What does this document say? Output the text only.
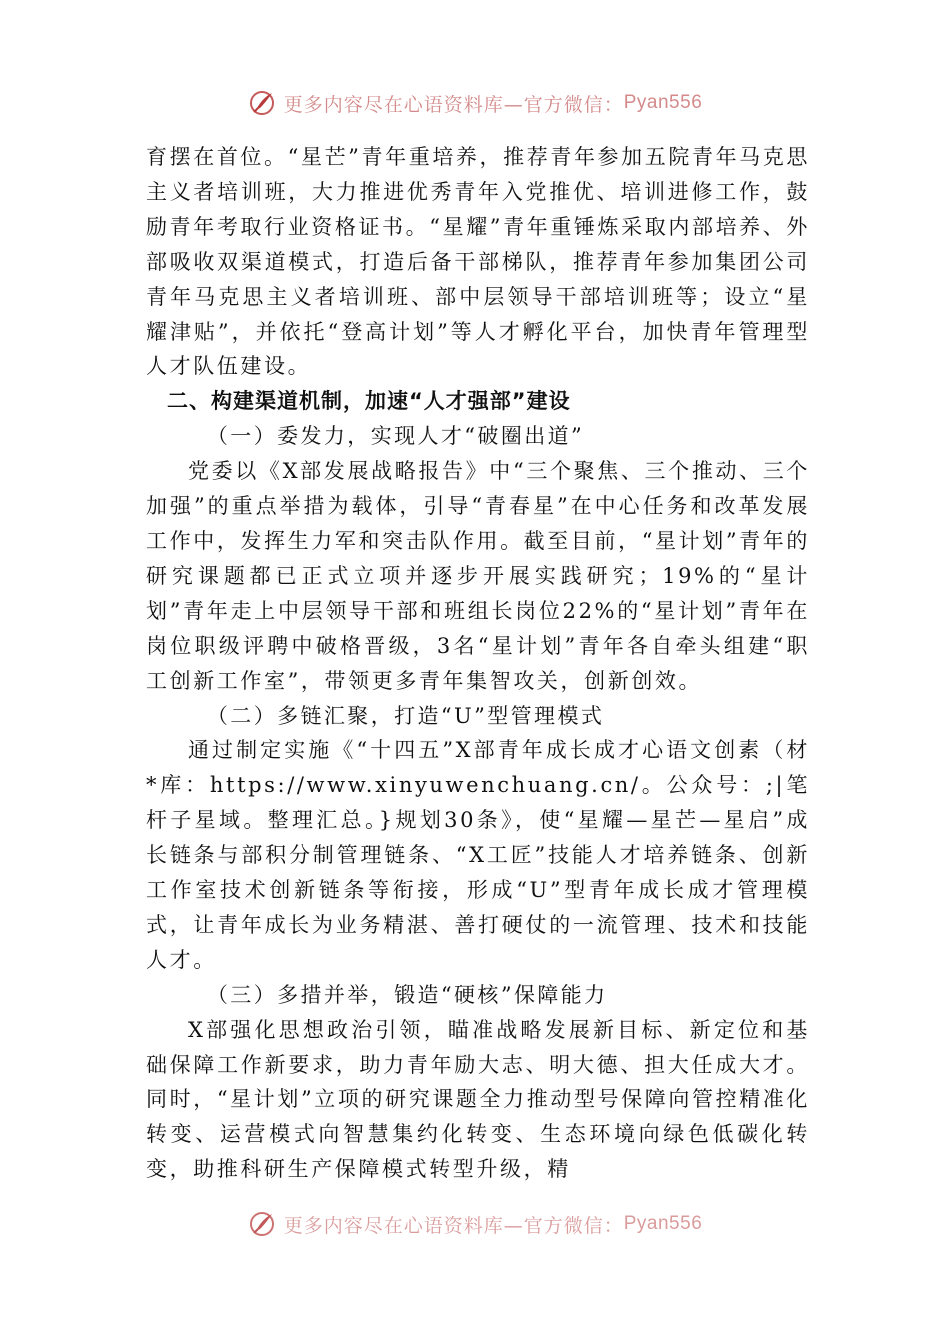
更多内容尽在心语资料库—官方微信： Pyan556

育摆在首位。“星芒”青年重培养，推荐青年参加五院青年马克思主义者培训班，大力推进优秀青年入党推优、培训进修工作，鼓励青年考取行业资格证书。“星耀”青年重锤炼采取内部培养、外部吸收双渠道模式，打造后备干部梯队，推荐青年参加集团公司青年马克思主义者培训班、部中层领导干部培训班等；设立“星耀津贴”，并依托“登高计划”等人才孵化平台，加快青年管理型人才队伍建设。

二、构建渠道机制，加速“人才强部”建设

（一）委发力，实现人才“破圈出道”

党委以《X部发展战略报告》中“三个聚焦、三个推动、三个加强”的重点举措为载体，引导“青春星”在中心任务和改革发展工作中，发挥生力军和突击队作用。截至目前，“星计划”青年的研究课题都已正式立项并逐步开展实践研究；19%的“星计划”青年走上中层领导干部和班组长岗位22%的“星计划”青年在岗位职级评聘中破格晋级，3名“星计划”青年各自牵头组建“职工创新工作室”，带领更多青年集智攻关，创新创效。

（二）多链汇聚，打造“U”型管理模式

通过制定实施《“十四五”X部青年成长成才心语文创素（材*库：https://www.xinyuwenchuang.cn/。公众号：;|笔杆子星域。整理汇总。}规划30条》，使“星耀—星芒—星启”成长链条与部积分制管理链条、“X工匠”技能人才培养链条、创新工作室技术创新链条等衔接，形成“U”型青年成长成才管理模式，让青年成长为业务精湛、善打硬仗的一流管理、技术和技能人才。

（三）多措并举，锻造“硬核”保障能力

X部强化思想政治引领，瞄准战略发展新目标、新定位和基础保障工作新要求，助力青年励大志、明大德、担大任成大才。同时，“星计划”立项的研究课题全力推动型号保障向管控精准化转变、运营模式向智慧集约化转变、生态环境向绿色低碳化转变，助推科研生产保障模式转型升级，精

更多内容尽在心语资料库—官方微信： Pyan556
